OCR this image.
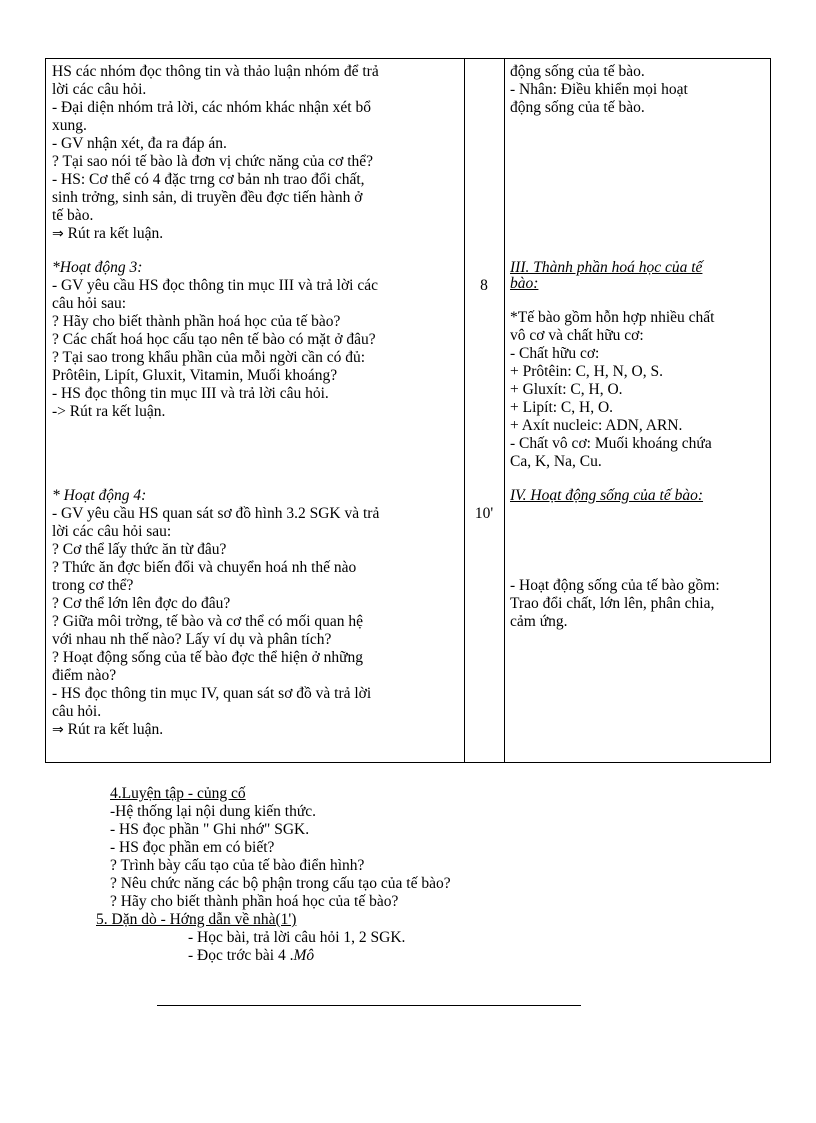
HS các nhóm đọc thông tin và thảo luận nhóm để trả
lời các câu hỏi.
- Đại diện nhóm trả lời, các nhóm khác nhận xét bổ
xung.
- GV nhận xét, đa ra đáp án.
? Tại sao nói tế bào là đơn vị chức năng của cơ thể?
- HS: Cơ thể có 4 đặc trng cơ bản nh trao đổi chất,
sinh trởng, sinh sản, di truyền đều đợc tiến hành ở
tế bào.
⇒ Rút ra kết luận.
*Hoạt động 3:
- GV yêu cầu HS đọc thông tin mục III và trả lời các
câu hỏi sau:
? Hãy cho biết thành phần hoá học của tế bào?
? Các chất hoá học cấu tạo nên tế bào có mặt ở đâu?
? Tại sao trong khẩu phần của mỗi ngời cần có đủ:
Prôtêin, Lipít, Gluxit, Vitamin, Muối khoáng?
- HS đọc thông tin mục III và trả lời câu hỏi.
-> Rút ra kết luận.
* Hoạt động 4:
- GV yêu cầu HS quan sát sơ đồ hình 3.2 SGK và trả
lời các câu hỏi sau:
? Cơ thể lấy thức ăn từ đâu?
? Thức ăn đợc biến đổi và chuyển hoá nh thế nào
trong cơ thể?
? Cơ thể lớn lên đợc do đâu?
? Giữa môi trờng, tế bào và cơ thể có mối quan hệ
với nhau nh thế nào? Lấy ví dụ và phân tích?
? Hoạt động sống của tế bào đợc thể hiện ở những
điểm nào?
- HS đọc thông tin mục IV, quan sát sơ đồ và trả lời
câu hỏi.
⇒ Rút ra kết luận.
8
10'
động sống của tế bào.
- Nhân: Điều khiển mọi hoạt
động sống của tế bào.
III. Thành phần hoá học của tế
bào:
*Tế bào gồm hỗn hợp nhiều chất
vô cơ và chất hữu cơ:
- Chất hữu cơ:
+ Prôtêin: C, H, N, O, S.
+ Gluxít: C, H, O.
+ Lipít: C, H, O.
+ Axít nucleic: ADN, ARN.
- Chất vô cơ: Muối khoáng chứa
Ca, K, Na, Cu.
IV. Hoạt động sống của tế bào:
- Hoạt động sống của tế bào gồm:
Trao đổi chất, lớn lên, phân chia,
cảm ứng.
4.Luyện tập - củng cố
-Hệ thống lại nội dung kiến thức.
- HS đọc phần " Ghi nhớ" SGK.
- HS đọc phần em có biết?
? Trình bày cấu tạo của tế bào điển hình?
? Nêu chức năng các bộ phận trong cấu tạo của tế bào?
? Hãy cho biết thành phần hoá học của tế bào?
5. Dặn dò - Hớng dẫn về nhà(1')
- Học bài, trả lời câu hỏi 1, 2 SGK.
- Đọc trớc bài 4 .Mô
